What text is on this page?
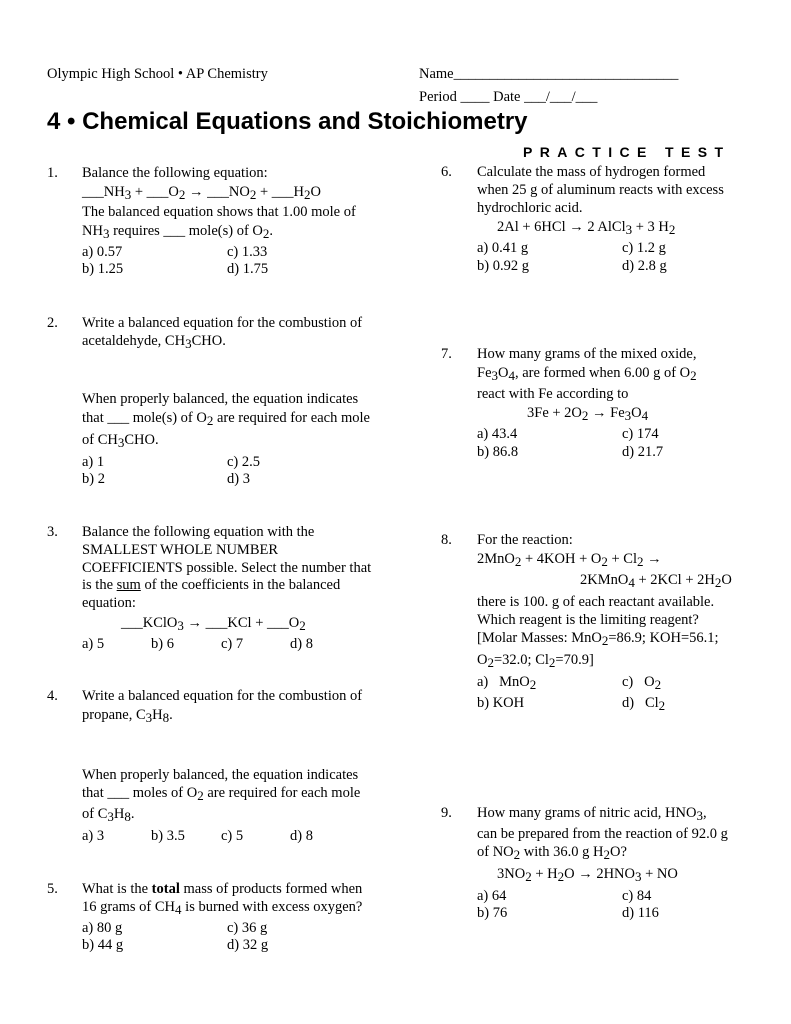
Olympic High School • AP Chemistry	Name_______________________________
Period ____ Date ___/___/___
4 • Chemical Equations and Stoichiometry
PRACTICE TEST
1. Balance the following equation:
$\_\_\_NH_3$ + $\_\_\_O_2$ → $\_\_\_NO_2$ + $\_\_\_H_2O$
The balanced equation shows that 1.00 mole of
$NH_3$ requires ___ mole(s) of $O_2$.
a) 0.57
b) 1.25
c) 1.33
d) 1.75
2. Write a balanced equation for the combustion of
acetaldehyde, $CH_3CHO$.
When properly balanced, the equation indicates
that ___ mole(s) of $O_2$ are required for each mole
of $CH_3CHO$.
a) 1
b) 2
c) 2.5
d) 3
3. Balance the following equation with the
SMALLEST WHOLE NUMBER
COEFFICIENTS possible. Select the number that
is the sum of the coefficients in the balanced
equation:
___KClO$_3$ → ___KCl + $\_\_\_O_2$
a) 5	b) 6	c) 7	d) 8
4. Write a balanced equation for the combustion of
propane, $C_3H_8$.
When properly balanced, the equation indicates
that ___ moles of $O_2$ are required for each mole
of $C_3H_8$.
a) 3	b) 3.5 c) 5	d) 8
5. What is the total mass of products formed when
16 grams of $CH_4$ is burned with excess oxygen?
a) 80 g
b) 44 g
c) 36 g
d) 32 g
6. Calculate the mass of hydrogen formed
when 25 g of aluminum reacts with excess
hydrochloric acid.
2Al + 6HCl → 2 AlCl$_3$ + 3 $H_2$
a) 0.41 g
b) 0.92 g
c) 1.2 g
d) 2.8 g
7. How many grams of the mixed oxide,
$Fe_3O_4$, are formed when 6.00 g of $O_2$
react with Fe according to
$3Fe + 2O_2 \to Fe_3O_4$
a) 43.4
b) 86.8
c) 174
d) 21.7
8. For the reaction:
$2MnO_2 + 4KOH + O_2 + Cl_2$ →
2KMnO$_4$ + $2KCl + 2H_2O$
there is 100. g of each reactant available.
Which reagent is the limiting reagent?
[Molar Masses: MnO$_2$=86.9; KOH=56.1;
$O_2=32.0$; $Cl_2=70.9$]
a)   MnO$_2$
b) KOH
c)   $O_2$
d)   $Cl_2$
9. How many grams of nitric acid, $HNO_3$,
can be prepared from the reaction of 92.0 g
of $NO_2$ with 36.0 g $H_2O$?
$3NO_2 + H_2O \to 2HNO_3$ + NO
a) 64
b) 76
c) 84
d) 116
